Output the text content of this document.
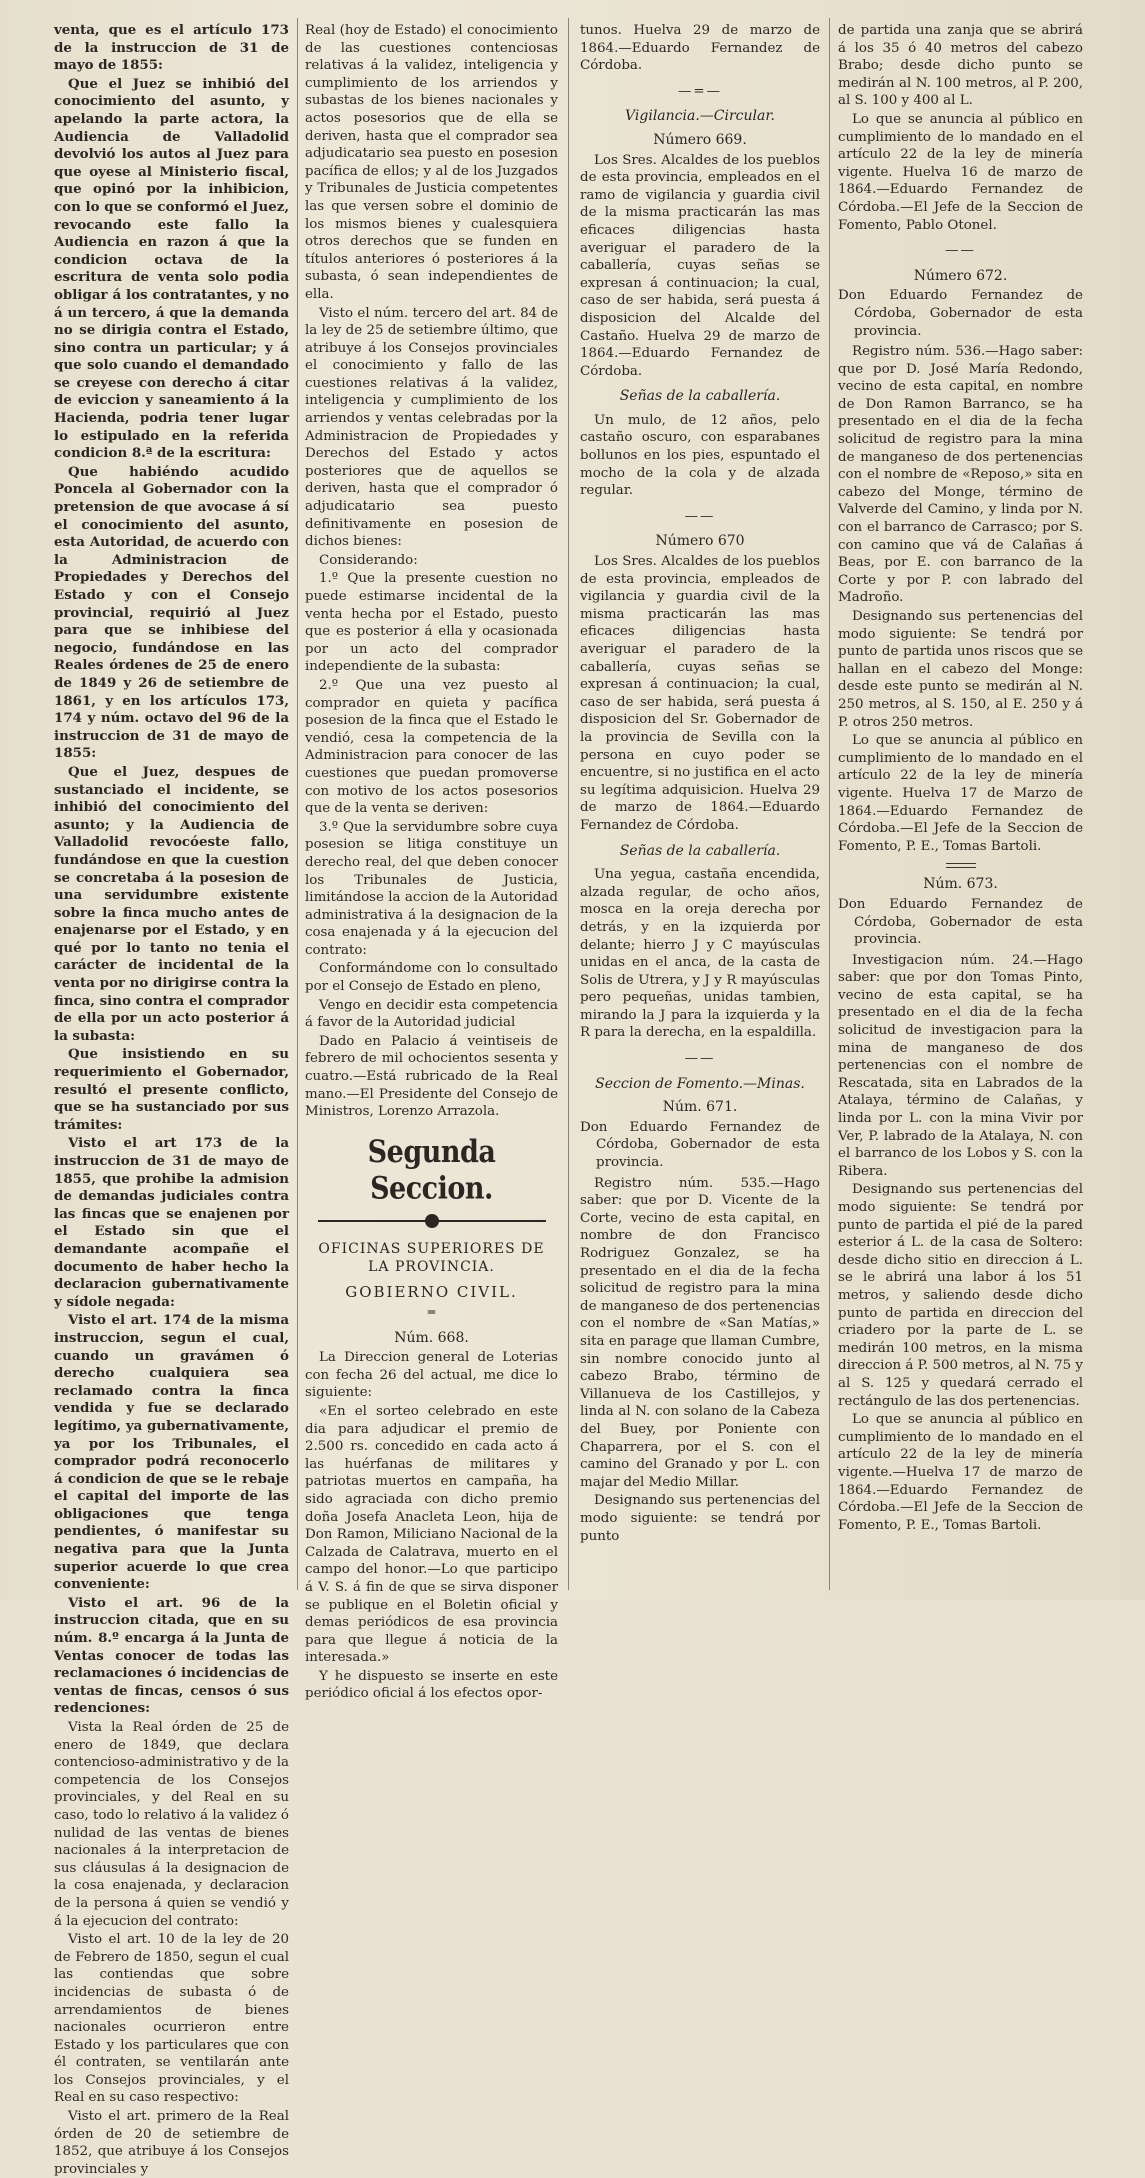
venta, que es el artículo 173 de la instruccion de 31 de mayo de 1855:

Que el Juez se inhibió del conocimiento del asunto, y apelando la parte actora, la Audiencia de Valladolid devolvió los autos al Juez para que oyese al Ministerio fiscal, que opinó por la inhibicion, con lo que se conformó el Juez, revocando este fallo la Audiencia en razon á que la condicion octava de la escritura de venta solo podia obligar á los contratantes, y no á un tercero, á que la demanda no se dirigia contra el Estado, sino contra un particular; y á que solo cuando el demandado se creyese con derecho á citar de eviccion y saneamiento á la Hacienda, podria tener lugar lo estipulado en la referida condicion 8.ª de la escritura:

Que habiéndo acudido Poncela al Gobernador con la pretension de que avocase á sí el conocimiento del asunto, esta Autoridad, de acuerdo con la Administracion de Propiedades y Derechos del Estado y con el Consejo provincial, requirió al Juez para que se inhibiese del negocio, fundándose en las Reales órdenes de 25 de enero de 1849 y 26 de setiembre de 1861, y en los artículos 173, 174 y núm. octavo del 96 de la instruccion de 31 de mayo de 1855:

Que el Juez, despues de sustanciado el incidente, se inhibió del conocimiento del asunto; y la Audiencia de Valladolid revocóeste fallo, fundándose en que la cuestion se concretaba á la posesion de una servidumbre existente sobre la finca mucho antes de enajenarse por el Estado, y en qué por lo tanto no tenia el carácter de incidental de la venta por no dirigirse contra la finca, sino contra el comprador de ella por un acto posterior á la subasta:

Que insistiendo en su requerimiento el Gobernador, resultó el presente conflicto, que se ha sustanciado por sus trámites:

Visto el art 173 de la instruccion de 31 de mayo de 1855, que prohibe la admision de demandas judiciales contra las fincas que se enajenen por el Estado sin que el demandante acompañe el documento de haber hecho la declaracion gubernativamente y sídole negada:

Visto el art. 174 de la misma instruccion, segun el cual, cuando un gravámen ó derecho cualquiera sea reclamado contra la finca vendida y fue se declarado legítimo, ya gubernativamente, ya por los Tribunales, el comprador podrá reconocerlo á condicion de que se le rebaje el capital del importe de las obligaciones que tenga pendientes, ó manifestar su negativa para que la Junta superior acuerde lo que crea conveniente:

Visto el art. 96 de la instruccion citada, que en su núm. 8.º encarga á la Junta de Ventas conocer de todas las reclamaciones ó incidencias de ventas de fincas, censos ó sus redenciones:

Vista la Real órden de 25 de enero de 1849, que declara contencioso-administrativo y de la competencia de los Consejos provinciales, y del Real en su caso, todo lo relativo á la validez ó nulidad de las ventas de bienes nacionales á la interpretacion de sus cláusulas á la designacion de la cosa enajenada, y declaracion de la persona á quien se vendió y á la ejecucion del contrato:

Visto el art. 10 de la ley de 20 de Febrero de 1850, segun el cual las contiendas que sobre incidencias de subasta ó de arrendamientos de bienes nacionales ocurrieron entre Estado y los particulares que con él contraten, se ventilarán ante los Consejos provinciales, y el Real en su caso respectivo:

Visto el art. primero de la Real órden de 20 de setiembre de 1852, que atribuye á los Consejos provinciales y

Real (hoy de Estado) el conocimiento de las cuestiones contenciosas relativas á la validez, inteligencia y cumplimiento de los arriendos y subastas de los bienes nacionales y actos posesorios que de ella se deriven, hasta que el comprador sea adjudicatario sea puesto en posesion pacífica de ellos; y al de los Juzgados y Tribunales de Justicia competentes las que versen sobre el dominio de los mismos bienes y cualesquiera otros derechos que se funden en títulos anteriores ó posteriores á la subasta, ó sean independientes de ella.

Visto el núm. tercero del art. 84 de la ley de 25 de setiembre último, que atribuye á los Consejos provinciales el conocimiento y fallo de las cuestiones relativas á la validez, inteligencia y cumplimiento de los arriendos y ventas celebradas por la Administracion de Propiedades y Derechos del Estado y actos posteriores que de aquellos se deriven, hasta que el comprador ó adjudicatario sea puesto definitivamente en posesion de dichos bienes:

Considerando:

1.º Que la presente cuestion no puede estimarse incidental de la venta hecha por el Estado, puesto que es posterior á ella y ocasionada por un acto del comprador independiente de la subasta:

2.º Que una vez puesto al comprador en quieta y pacífica posesion de la finca que el Estado le vendió, cesa la competencia de la Administracion para conocer de las cuestiones que puedan promoverse con motivo de los actos posesorios que de la venta se deriven:

3.º Que la servidumbre sobre cuya posesion se litiga constituye un derecho real, del que deben conocer los Tribunales de Justicia, limitándose la accion de la Autoridad administrativa á la designacion de la cosa enajenada y á la ejecucion del contrato:

Conformándome con lo consultado por el Consejo de Estado en pleno,

Vengo en decidir esta competencia á favor de la Autoridad judicial

Dado en Palacio á veintiseis de febrero de mil ochocientos sesenta y cuatro.—Está rubricado de la Real mano.—El Presidente del Consejo de Ministros, Lorenzo Arrazola.

Segunda Seccion.
OFICINAS SUPERIORES DE LA PROVINCIA.
GOBIERNO CIVIL.
═
Núm. 668.

La Direccion general de Loterias con fecha 26 del actual, me dice lo siguiente:

«En el sorteo celebrado en este dia para adjudicar el premio de 2.500 rs. concedido en cada acto á las huérfanas de militares y patriotas muertos en campaña, ha sido agraciada con dicho premio doña Josefa Anacleta Leon, hija de Don Ramon, Miliciano Nacional de la Calzada de Calatrava, muerto en el campo del honor.—Lo que participo á V. S. á fin de que se sirva disponer se publique en el Boletin oficial y demas periódicos de esa provincia para que llegue á noticia de la interesada.»

Y he dispuesto se inserte en este periódico oficial á los efectos opor-

tunos. Huelva 29 de marzo de 1864.—Eduardo Fernandez de Córdoba.

—=—
Vigilancia.—Circular.
Número 669.

Los Sres. Alcaldes de los pueblos de esta provincia, empleados en el ramo de vigilancia y guardia civil de la misma practicarán las mas eficaces diligencias hasta averiguar el paradero de la caballería, cuyas señas se expresan á continuacion; la cual, caso de ser habida, será puesta á disposicion del Alcalde del Castaño. Huelva 29 de marzo de 1864.—Eduardo Fernandez de Córdoba.

Señas de la caballería.

Un mulo, de 12 años, pelo castaño oscuro, con esparabanes bollunos en los pies, espuntado el mocho de la cola y de alzada regular.

——
Número 670

Los Sres. Alcaldes de los pueblos de esta provincia, empleados de vigilancia y guardia civil de la misma practicarán las mas eficaces diligencias hasta averiguar el paradero de la caballería, cuyas señas se expresan á continuacion; la cual, caso de ser habida, será puesta á disposicion del Sr. Gobernador de la provincia de Sevilla con la persona en cuyo poder se encuentre, si no justifica en el acto su legítima adquisicion. Huelva 29 de marzo de 1864.—Eduardo Fernandez de Córdoba.

Señas de la caballería.

Una yegua, castaña encendida, alzada regular, de ocho años, mosca en la oreja derecha por detrás, y en la izquierda por delante; hierro J y C mayúsculas unidas en el anca, de la casta de Solis de Utrera, y J y R mayúsculas pero pequeñas, unidas tambien, mirando la J para la izquierda y la R para la derecha, en la espaldilla.

——
Seccion de Fomento.—Minas.
Núm. 671.

Don Eduardo Fernandez de Córdoba, Gobernador de esta provincia.

Registro núm. 535.—Hago saber: que por D. Vicente de la Corte, vecino de esta capital, en nombre de don Francisco Rodriguez Gonzalez, se ha presentado en el dia de la fecha solicitud de registro para la mina de manganeso de dos pertenencias con el nombre de «San Matías,» sita en parage que llaman Cumbre, sin nombre conocido junto al cabezo Brabo, término de Villanueva de los Castillejos, y linda al N. con solano de la Cabeza del Buey, por Poniente con Chaparrera, por el S. con el camino del Granado y por L. con majar del Medio Millar.

Designando sus pertenencias del modo siguiente: se tendrá por punto

de partida una zanja que se abrirá á los 35 ó 40 metros del cabezo Brabo; desde dicho punto se medirán al N. 100 metros, al P. 200, al S. 100 y 400 al L.

Lo que se anuncia al público en cumplimiento de lo mandado en el artículo 22 de la ley de minería vigente. Huelva 16 de marzo de 1864.—Eduardo Fernandez de Córdoba.—El Jefe de la Seccion de Fomento, Pablo Otonel.

——
Número 672.

Don Eduardo Fernandez de Córdoba, Gobernador de esta provincia.

Registro núm. 536.—Hago saber: que por D. José María Redondo, vecino de esta capital, en nombre de Don Ramon Barranco, se ha presentado en el dia de la fecha solicitud de registro para la mina de manganeso de dos pertenencias con el nombre de «Reposo,» sita en cabezo del Monge, término de Valverde del Camino, y linda por N. con el barranco de Carrasco; por S. con camino que vá de Calañas á Beas, por E. con barranco de la Corte y por P. con labrado del Madroño.

Designando sus pertenencias del modo siguiente: Se tendrá por punto de partida unos riscos que se hallan en el cabezo del Monge: desde este punto se medirán al N. 250 metros, al S. 150, al E. 250 y á P. otros 250 metros.

Lo que se anuncia al público en cumplimiento de lo mandado en el artículo 22 de la ley de minería vigente. Huelva 17 de Marzo de 1864.—Eduardo Fernandez de Córdoba.—El Jefe de la Seccion de Fomento, P. E., Tomas Bartoli.

Núm. 673.

Don Eduardo Fernandez de Córdoba, Gobernador de esta provincia.

Investigacion núm. 24.—Hago saber: que por don Tomas Pinto, vecino de esta capital, se ha presentado en el dia de la fecha solicitud de investigacion para la mina de manganeso de dos pertenencias con el nombre de Rescatada, sita en Labrados de la Atalaya, término de Calañas, y linda por L. con la mina Vivir por Ver, P. labrado de la Atalaya, N. con el barranco de los Lobos y S. con la Ribera.

Designando sus pertenencias del modo siguiente: Se tendrá por punto de partida el pié de la pared esterior á L. de la casa de Soltero: desde dicho sitio en direccion á L. se le abrirá una labor á los 51 metros, y saliendo desde dicho punto de partida en direccion del criadero por la parte de L. se medirán 100 metros, en la misma direccion á P. 500 metros, al N. 75 y al S. 125 y quedará cerrado el rectángulo de las dos pertenencias.

Lo que se anuncia al público en cumplimiento de lo mandado en el artículo 22 de la ley de minería vigente.—Huelva 17 de marzo de 1864.—Eduardo Fernandez de Córdoba.—El Jefe de la Seccion de Fomento, P. E., Tomas Bartoli.
